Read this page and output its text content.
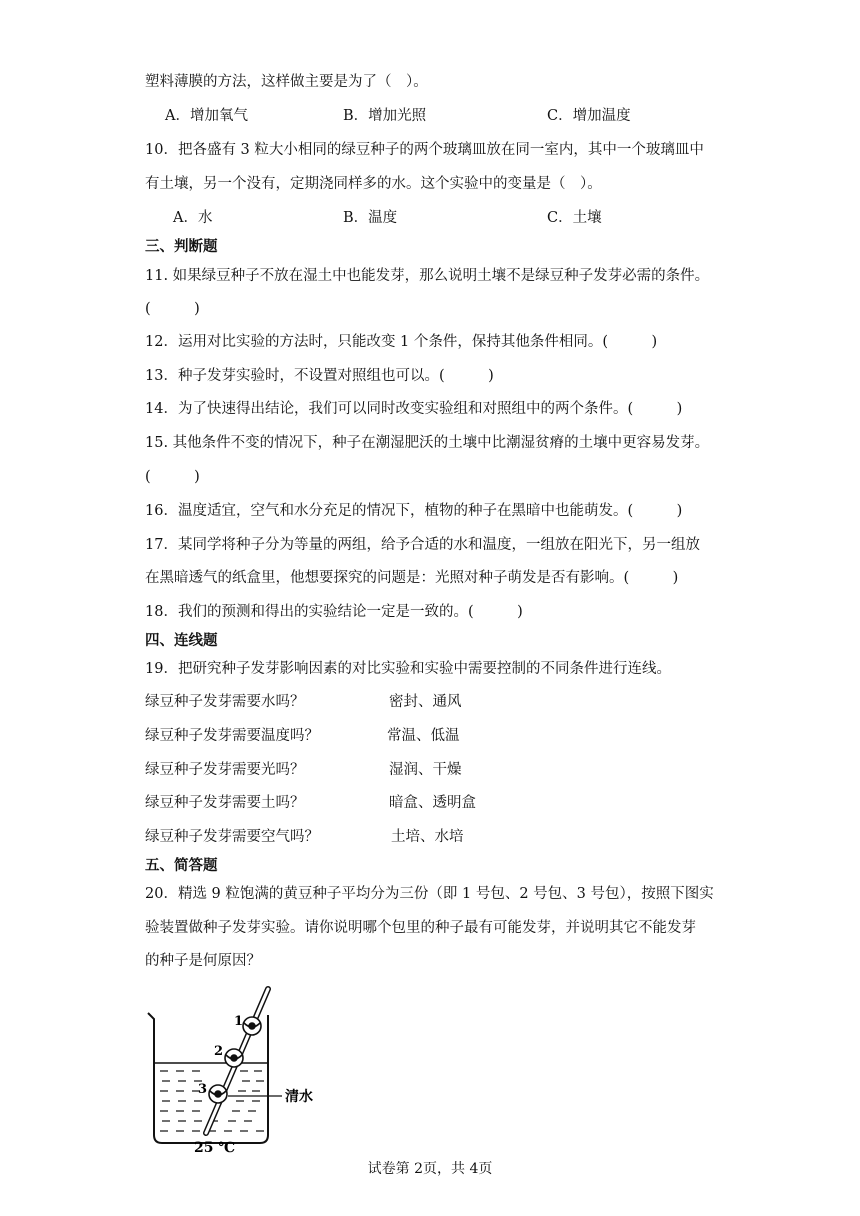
塑料薄膜的方法，这样做主要是为了（　）。
A．增加氧气	B．增加光照	C．增加温度
10．把各盛有 3 粒大小相同的绿豆种子的两个玻璃皿放在同一室内，其中一个玻璃皿中
有土壤，另一个没有，定期浇同样多的水。这个实验中的变量是（　）。
A．水	B．温度	C．土壤
三、判断题
11. 如果绿豆种子不放在湿土中也能发芽，那么说明土壤不是绿豆种子发芽必需的条件。
(　　　)
12．运用对比实验的方法时，只能改变 1 个条件，保持其他条件相同。(　　　)
13．种子发芽实验时，不设置对照组也可以。(　　　)
14．为了快速得出结论，我们可以同时改变实验组和对照组中的两个条件。(　　　)
15. 其他条件不变的情况下，种子在潮湿肥沃的土壤中比潮湿贫瘠的土壤中更容易发芽。
(　　　)
16．温度适宜，空气和水分充足的情况下，植物的种子在黑暗中也能萌发。(　　　)
17．某同学将种子分为等量的两组，给予合适的水和温度，一组放在阳光下，另一组放
在黑暗透气的纸盒里，他想要探究的问题是：光照对种子萌发是否有影响。(　　　)
18．我们的预测和得出的实验结论一定是一致的。(　　　)
四、连线题
19．把研究种子发芽影响因素的对比实验和实验中需要控制的不同条件进行连线。
绿豆种子发芽需要水吗？	密封、通风
绿豆种子发芽需要温度吗？	常温、低温
绿豆种子发芽需要光吗？	湿润、干燥
绿豆种子发芽需要土吗？	暗盒、透明盒
绿豆种子发芽需要空气吗？	土培、水培
五、简答题
20．精选 9 粒饱满的黄豆种子平均分为三份（即 1 号包、2 号包、3 号包），按照下图实
验装置做种子发芽实验。请你说明哪个包里的种子最有可能发芽，并说明其它不能发芽
的种子是何原因？
1
2
3	清水
25 ℃
试卷第 2页，共 4页
